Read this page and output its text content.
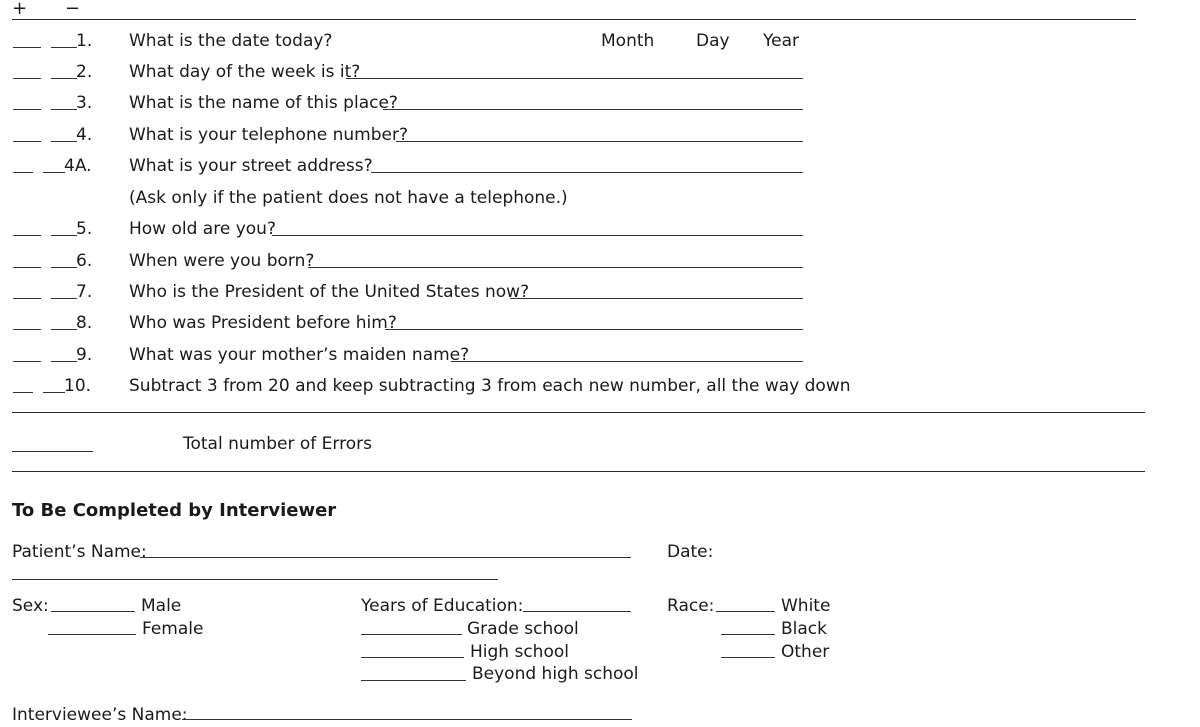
+ −
1. What is the date today?	Month Day Year
2. What day of the week is it?
3. What is the name of this place?
4. What is your telephone number?
4A. What is your street address?
(Ask only if the patient does not have a telephone.)
5. How old are you?
6. When were you born?
7. Who is the President of the United States now?
8. Who was President before him?
9. What was your mother’s maiden name?
10. Subtract 3 from 20 and keep subtracting 3 from each new number, all the way down
Total number of Errors
To Be Completed by Interviewer
Patient’s Name:	Date:
Sex:	Male
Female
Years of Education:
Grade school
High school
Beyond high school
Race:	White
Black
Other
Interviewee’s Name:
